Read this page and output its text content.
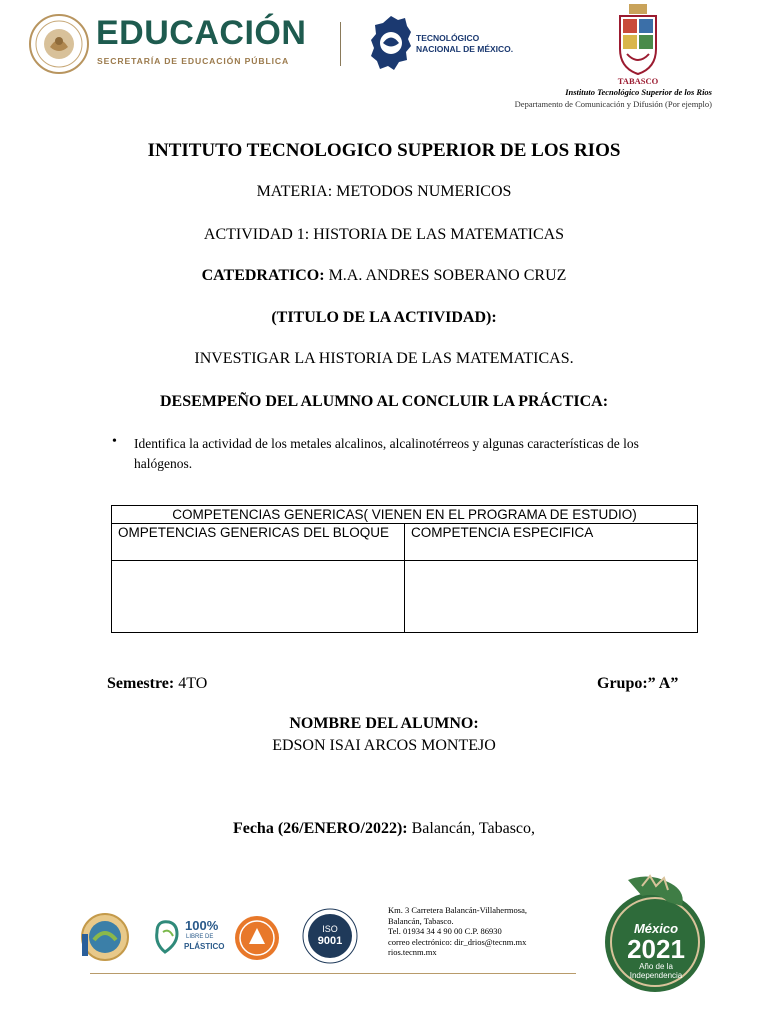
EDUCACIÓN
SECRETARÍA DE EDUCACIÓN PÚBLICA
TECNOLÓGICO
NACIONAL DE MÉXICO.
TABASCO
Instituto Tecnológico Superior de los Rios
Departamento de Comunicación y Difusión (Por ejemplo)
INTITUTO TECNOLOGICO SUPERIOR DE LOS RIOS
MATERIA: METODOS NUMERICOS
ACTIVIDAD 1: HISTORIA DE LAS MATEMATICAS
CATEDRATICO: M.A. ANDRES SOBERANO CRUZ
(TITULO DE LA ACTIVIDAD):
INVESTIGAR LA HISTORIA DE LAS MATEMATICAS.
DESEMPEÑO DEL ALUMNO AL CONCLUIR LA PRÁCTICA:
• Identifica la actividad de los metales alcalinos, alcalinotérreos y algunas características de los halógenos.
COMPETENCIAS GENERICAS( VIENEN EN EL PROGRAMA DE ESTUDIO)	
OMPETENCIAS GENERICAS DEL BLOQUE	COMPETENCIA ESPECIFICA

Semestre: 4TO	Grupo:” A”
NOMBRE DEL ALUMNO:
EDSON ISAI ARCOS MONTEJO
Fecha (26/ENERO/2022): Balancán, Tabasco,
100%
LIBRE DE
PLÁSTICO
ISO
9001
Km. 3 Carretera Balancán-Villahermosa,
Balancán, Tabasco.
Tel. 01934 34 4 90 00 C.P. 86930
correo electrónico: dir_drios@tecnm.mx
rios.tecnm.mx
México
2021
Año de la Independencia
